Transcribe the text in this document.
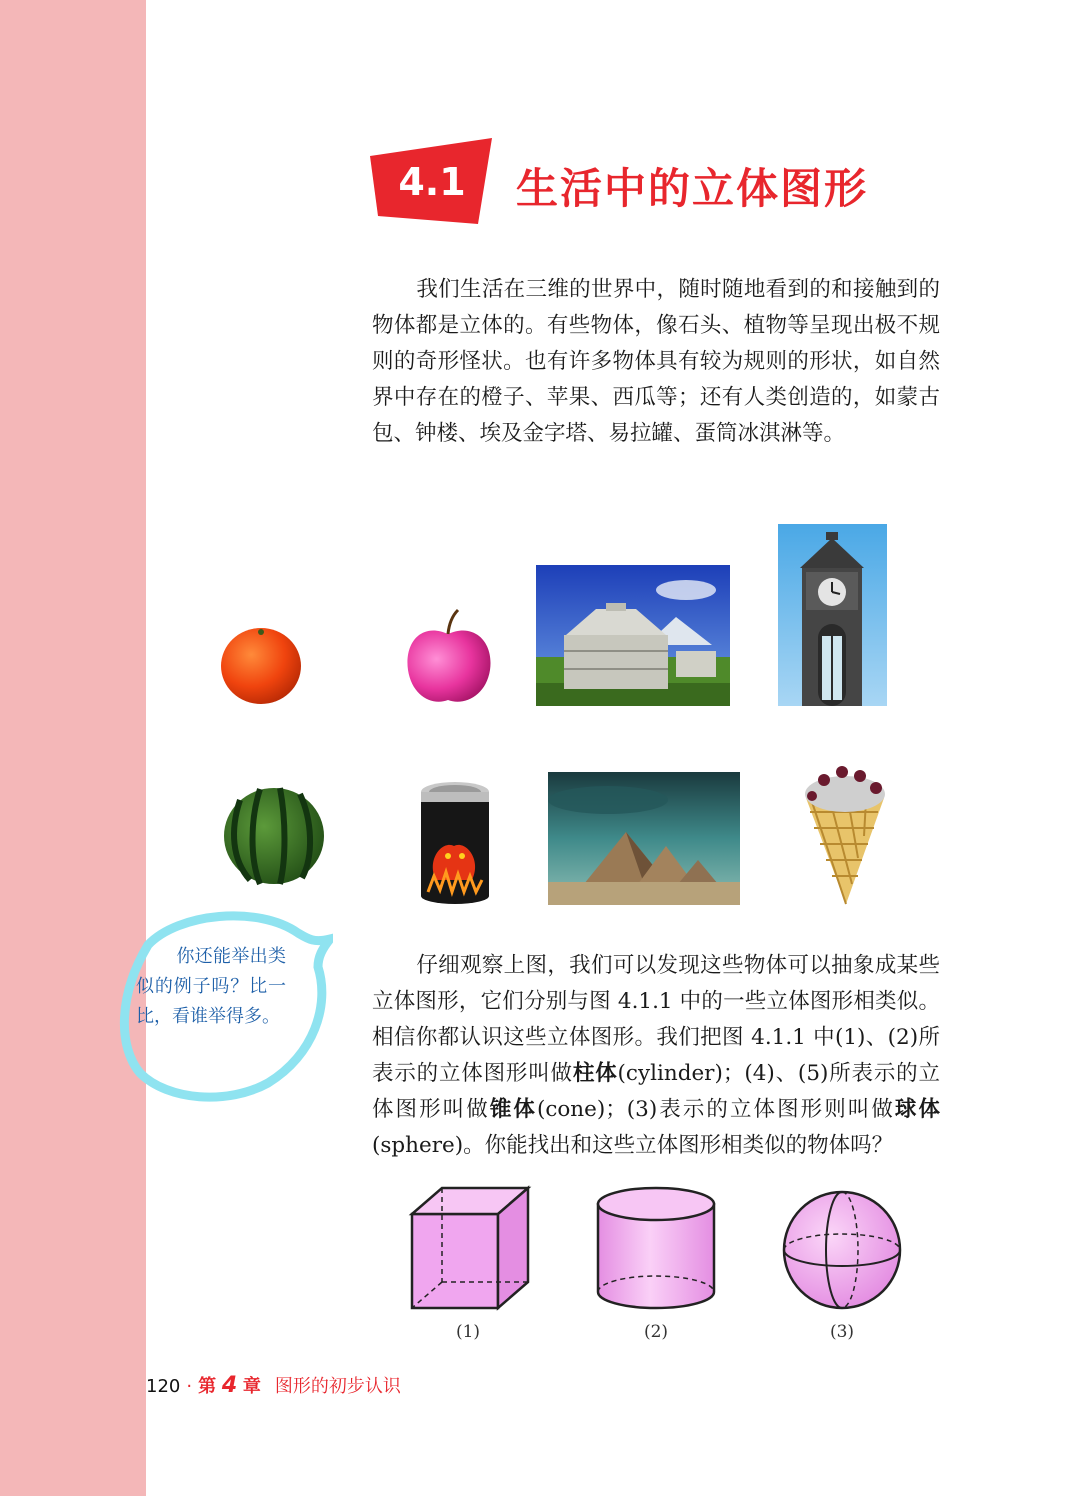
4.1 生活中的立体图形

我们生活在三维的世界中，随时随地看到的和接触到的物体都是立体的。有些物体，像石头、植物等呈现出极不规则的奇形怪状。也有许多物体具有较为规则的形状，如自然界中存在的橙子、苹果、西瓜等；还有人类创造的，如蒙古包、钟楼、埃及金字塔、易拉罐、蛋筒冰淇淋等。

你还能举出类似的例子吗？比一比，看谁举得多。

仔细观察上图，我们可以发现这些物体可以抽象成某些立体图形，它们分别与图 4.1.1 中的一些立体图形相类似。相信你都认识这些立体图形。我们把图 4.1.1 中(1)、(2)所表示的立体图形叫做柱体(cylinder)；(4)、(5)所表示的立体图形叫做锥体(cone)；(3)表示的立体图形则叫做球体(sphere)。你能找出和这些立体图形相类似的物体吗？

(1)	(2)	(3)
120 · 第 4 章 图形的初步认识
